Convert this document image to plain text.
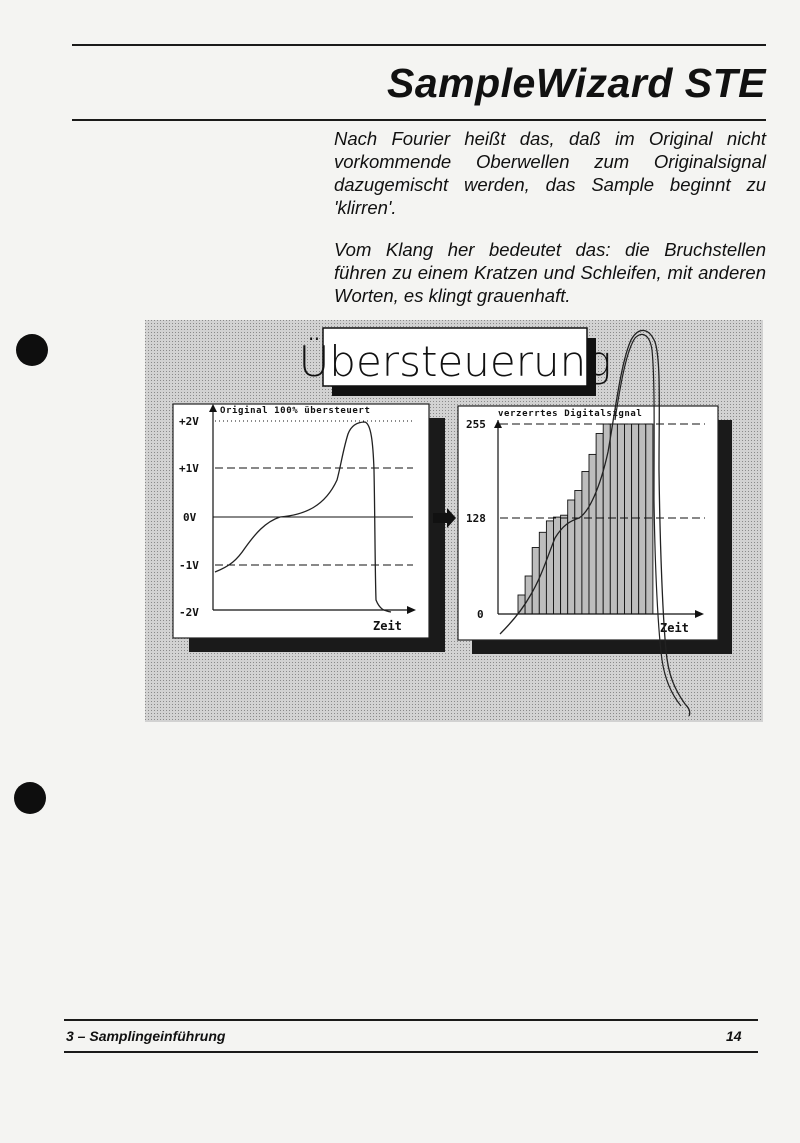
SampleWizard STE

Nach Fourier heißt das, daß im Original nicht vorkommende Oberwellen zum Originalsignal dazugemischt werden, das Sample beginnt zu 'klirren'.

Vom Klang her bedeutet das: die Bruchstellen führen zu einem Kratzen und Schleifen, mit anderen Worten, es klingt grauenhaft.

Übersteuerung
Original 100% übersteuert
+2V
+1V
0V
-1V
-2V
Zeit
verzerrtes Digitalsignal
255
128
0
Zeit
3 – Samplingeinführung	14
